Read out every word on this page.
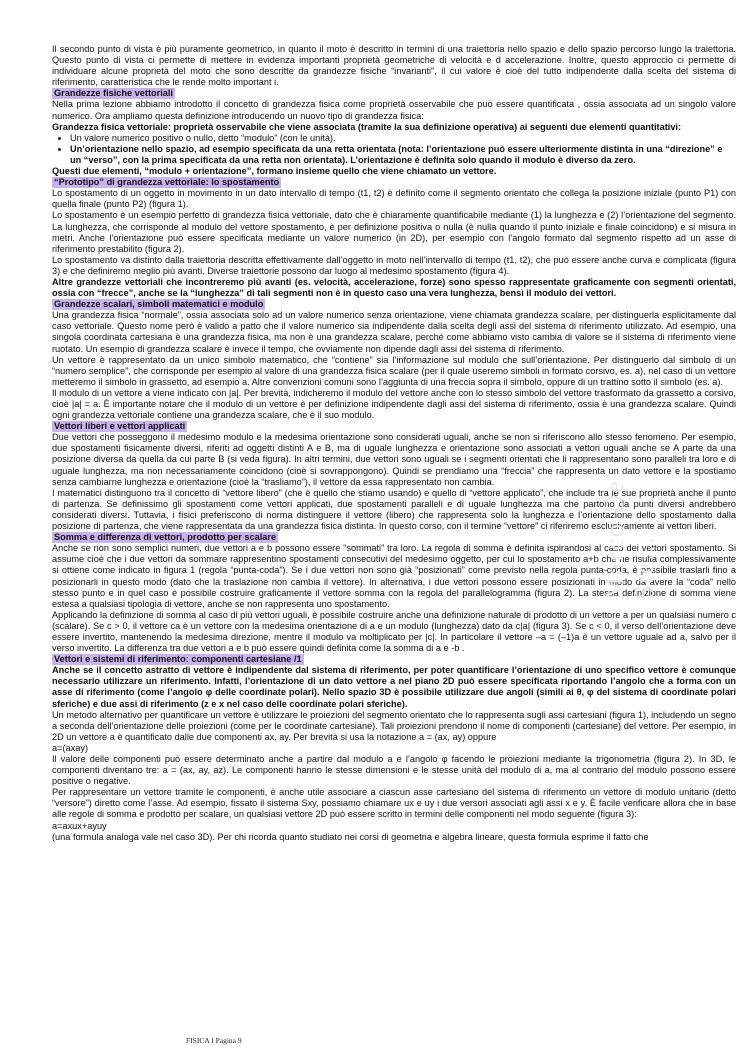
Il secondo punto di vista è più puramente geometrico, in quanto il moto è descritto in termini di una traiettoria nello spazio e dello spazio percorso lungo la traiettoria. Questo punto di vista ci permette di mettere in evidenza importanti proprietà geometriche di velocità e d accelerazione. Inoltre, questo approccio ci permette di individuare alcune proprietà del moto che sono descritte da grandezze fisiche “invarianti”, il cui valore è cioè del tutto indipendente dalla scelta del sistema di riferimento, caratteristica che le rende molto important i.

Grandezze fisiche vettoriali

Nella prima lezione abbiamo introdotto il concetto di grandezza fisica come proprietà osservabile che può essere quantificata , ossia associata ad un singolo valore numerico. Ora ampliamo questa definizione introducendo un nuovo tipo di grandezza fisica:

Grandezza fisica vettoriale: proprietà osservabile che viene associata (tramite la sua definizione operativa) ai seguenti due elementi quantitativi:

• Un valore numerico positivo o nullo, detto “modulo” (con le unità).
• Un’orientazione nello spazio, ad esempio specificata da una retta orientata (nota: l’orientazione può essere ulteriormente distinta in una “direzione” e un “verso”, con la prima specificata da una retta non orientata). L’orientazione è definita solo quando il modulo è diverso da zero.

Questi due elementi, “modulo + orientazione”, formano insieme quello che viene chiamato un vettore.

“Prototipo” di grandezza vettoriale: lo spostamento

Lo spostamento di un oggetto in movimento in un dato intervallo di tempo (t1, t2) è definito come il segmento orientato che collega la posizione iniziale (punto P1) con quella finale (punto P2) (figura 1).

Lo spostamento è un esempio perfetto di grandezza fisica vettoriale, dato che è chiaramente quantificabile mediante (1) la lunghezza e (2) l’orientazione del segmento. La lunghezza, che corrisponde al modulo del vettore spostamento, è per definizione positiva o nulla (è nulla quando il punto iniziale e finale coincidono) e si misura in metri. Anche l’orientazione può essere specificata mediante un valore numerico (in 2D), per esempio con l’angolo formato dal segmento rispetto ad un asse di riferimento prestabilito (figura 2).

Lo spostamento va distinto dalla traiettoria descritta effettivamente dall’oggetto in moto nell’intervallo di tempo (t1, t2), che può essere anche curva e complicata (figura 3) e che definiremo meglio più avanti. Diverse traiettorie possono dar luogo al medesimo spostamento (figura 4).

Altre grandezze vettoriali che incontreremo più avanti (es. velocità, accelerazione, forze) sono spesso rappresentate graficamente con segmenti orientati, ossia con “frecce”, anche se la “lunghezza” di tali segmenti non è in questo caso una vera lunghezza, bensì il modulo dei vettori.

Grandezze scalari, simboli matematici e modulo

Una grandezza fisica “normale”, ossia associata solo ad un valore numerico senza orientazione, viene chiamata grandezza scalare, per distinguerla esplicitamente dal caso vettoriale. Questo nome però è valido a patto che il valore numerico sia indipendente dalla scelta degli assi del sistema di riferimento utilizzato. Ad esempio, una singola coordinata cartesiana è una grandezza fisica, ma non è una grandezza scalare, perché come abbiamo visto cambia di valore se il sistema di riferimento viene ruotato. Un esempio di grandezza scalare è invece il tempo, che ovviamente non dipende dagli assi del sistema di riferimento.

Un vettore è rappresentato da un unico simbolo matematico, che “contiene” sia l’informazione sul modulo che sull’orientazione. Per distinguerlo dal simbolo di un “numero semplice”, che corrisponde per esempio al valore di una grandezza fisica scalare (per il quale useremo simboli in formato corsivo, es. a), nel caso di un vettore metteremo il simbolo in grassetto, ad esempio a. Altre convenzioni comuni sono l’aggiunta di una freccia sopra il simbolo, oppure di un trattino sotto il simbolo (es. a).

Il modulo di un vettore a viene indicato con |a|. Per brevità, indicheremo il modulo del vettore anche con lo stesso simbolo del vettore trasformato da grassetto a corsivo, cioè |a| = a. È importante notare che il modulo di un vettore è per definizione indipendente dagli assi del sistema di riferimento, ossia è una grandezza scalare. Quindi ogni grandezza vettoriale contiene una grandezza scalare, che è il suo modulo.

Vettori liberi e vettori applicati

Due vettori che posseggono il medesimo modulo e la medesima orientazione sono considerati uguali, anche se non si riferiscono allo stesso fenomeno. Per esempio, due spostamenti fisicamente diversi, riferiti ad oggetti distinti A e B, ma di uguale lunghezza e orientazione sono associati a vettori uguali anche se A parte da una posizione diversa da quella da cui parte B (si veda figura). In altri termini, due vettori sono uguali se i segmenti orientati che li rappresentano sono paralleli tra loro e di uguale lunghezza, ma non necessariamente coincidono (cioè si sovrappongono). Quindi se prendiamo una “freccia” che rappresenta un dato vettore e la spostiamo senza cambiarne lunghezza e orientazione (cioè la “trasliamo”), il vettore da essa rappresentato non cambia.

I matematici distinguono tra il concetto di “vettore libero” (che è quello che stiamo usando) e quello di “vettore applicato”, che include tra le sue proprietà anche il punto di partenza. Se definissimo gli spostamenti come vettori applicati, due spostamenti paralleli e di uguale lunghezza ma che partono da punti diversi andrebbero considerati diversi. Tuttavia, i fisici preferiscono di norma distinguere il vettore (libero) che rappresenta solo la lunghezza e l’orientazione dello spostamento dalla posizione di partenza, che viene rappresentata da una grandezza fisica distinta. In questo corso, con il termine “vettore” ci riferiremo esclusivamente ai vettori liberi.

Somma e differenza di vettori, prodotto per scalare

Anche se non sono semplici numeri, due vettori a e b possono essere “sommati” tra loro. La regola di somma è definita ispirandosi al caso dei vettori spostamento. Si assume cioè che i due vettori da sommare rappresentino spostamenti consecutivi del medesimo oggetto, per cui lo spostamento a+b che ne risulta complessivamente si ottiene come indicato in figura 1 (regola “punta-coda”). Se i due vettori non sono già “posizionati” come previsto nella regola punta-coda, è possibile traslarli fino a posizionarli in questo modo (dato che la traslazione non cambia il vettore). In alternativa, i due vettori possono essere posizionati in modo da avere la “coda” nello stesso punto e in quel caso è possibile costruire graficamente il vettore somma con la regola del parallelogramma (figura 2). La stessa definizione di somma viene estesa a qualsiasi tipologia di vettore, anche se non rappresenta uno spostamento.

Applicando la definizione di somma al caso di più vettori uguali, è possibile costruire anche una definizione naturale di prodotto di un vettore a per un qualsiasi numero c (scalare). Se c > 0, il vettore ca è un vettore con la medesima orientazione di a e un modulo (lunghezza) dato da c|a| (figura 3). Se c < 0, il verso dell’orientazione deve essere invertito, mantenendo la medesima direzione, mentre il modulo va moltiplicato per |c|. In particolare il vettore –a = (–1)a è un vettore uguale ad a, salvo per il verso invertito. La differenza tra due vettori a e b può essere quindi definita come la somma di a e -b .

Vettori e sistemi di riferimento: componenti cartesiane /1

Anche se il concetto astratto di vettore è indipendente dal sistema di riferimento, per poter quantificare l’orientazione di uno specifico vettore è comunque necessario utilizzare un riferimento. Infatti, l’orientazione di un dato vettore a nel piano 2D può essere specificata riportando l’angolo che a forma con un asse di riferimento (come l’angolo φ delle coordinate polari). Nello spazio 3D è possibile utilizzare due angoli (simili ai θ, φ del sistema di coordinate polari sferiche) e due assi di riferimento (z e x nel caso delle coordinate polari sferiche).

Un metodo alternativo per quantificare un vettore è utilizzare le proiezioni del segmento orientato che lo rappresenta sugli assi cartesiani (figura 1), includendo un segno a seconda dell’orientazione delle proiezioni (come per le coordinate cartesiane). Tali proiezioni prendono il nome di componenti (cartesiane) del vettore. Per esempio, in 2D un vettore a è quantificato dalle due componenti ax, ay. Per brevità si usa la notazione a = (ax, ay) oppure

a=(axay)

Il valore delle componenti può essere determinato anche a partire dal modulo a e l’angolo φ facendo le proiezioni mediante la trigonometria (figura 2). In 3D, le componenti diventano tre: a = (ax, ay, az). Le componenti hanno le stesse dimensioni e le stesse unità del modulo di a, ma al contrario del modulo possono essere positive o negative.

Per rappresentare un vettore tramite le componenti, è anche utile associare a ciascun asse cartesiano del sistema di riferimento un vettore di modulo unitario (detto “versore”) diretto come l’asse. Ad esempio, fissato il sistema Sxy, possiamo chiamare ux e uy i due versori associati agli assi x e y. È facile verificare allora che in base alle regole di somma e prodotto per scalare, un qualsiasi vettore 2D può essere scritto in termini delle componenti nel modo seguente (figura 3):

a=axux+ayuy

(una formula analoga vale nel caso 3D). Per chi ricorda quanto studiato nei corsi di geometria e algebra lineare, questa formula esprime il fatto che

Marco De Ste...
FISICA I Pagina 9
